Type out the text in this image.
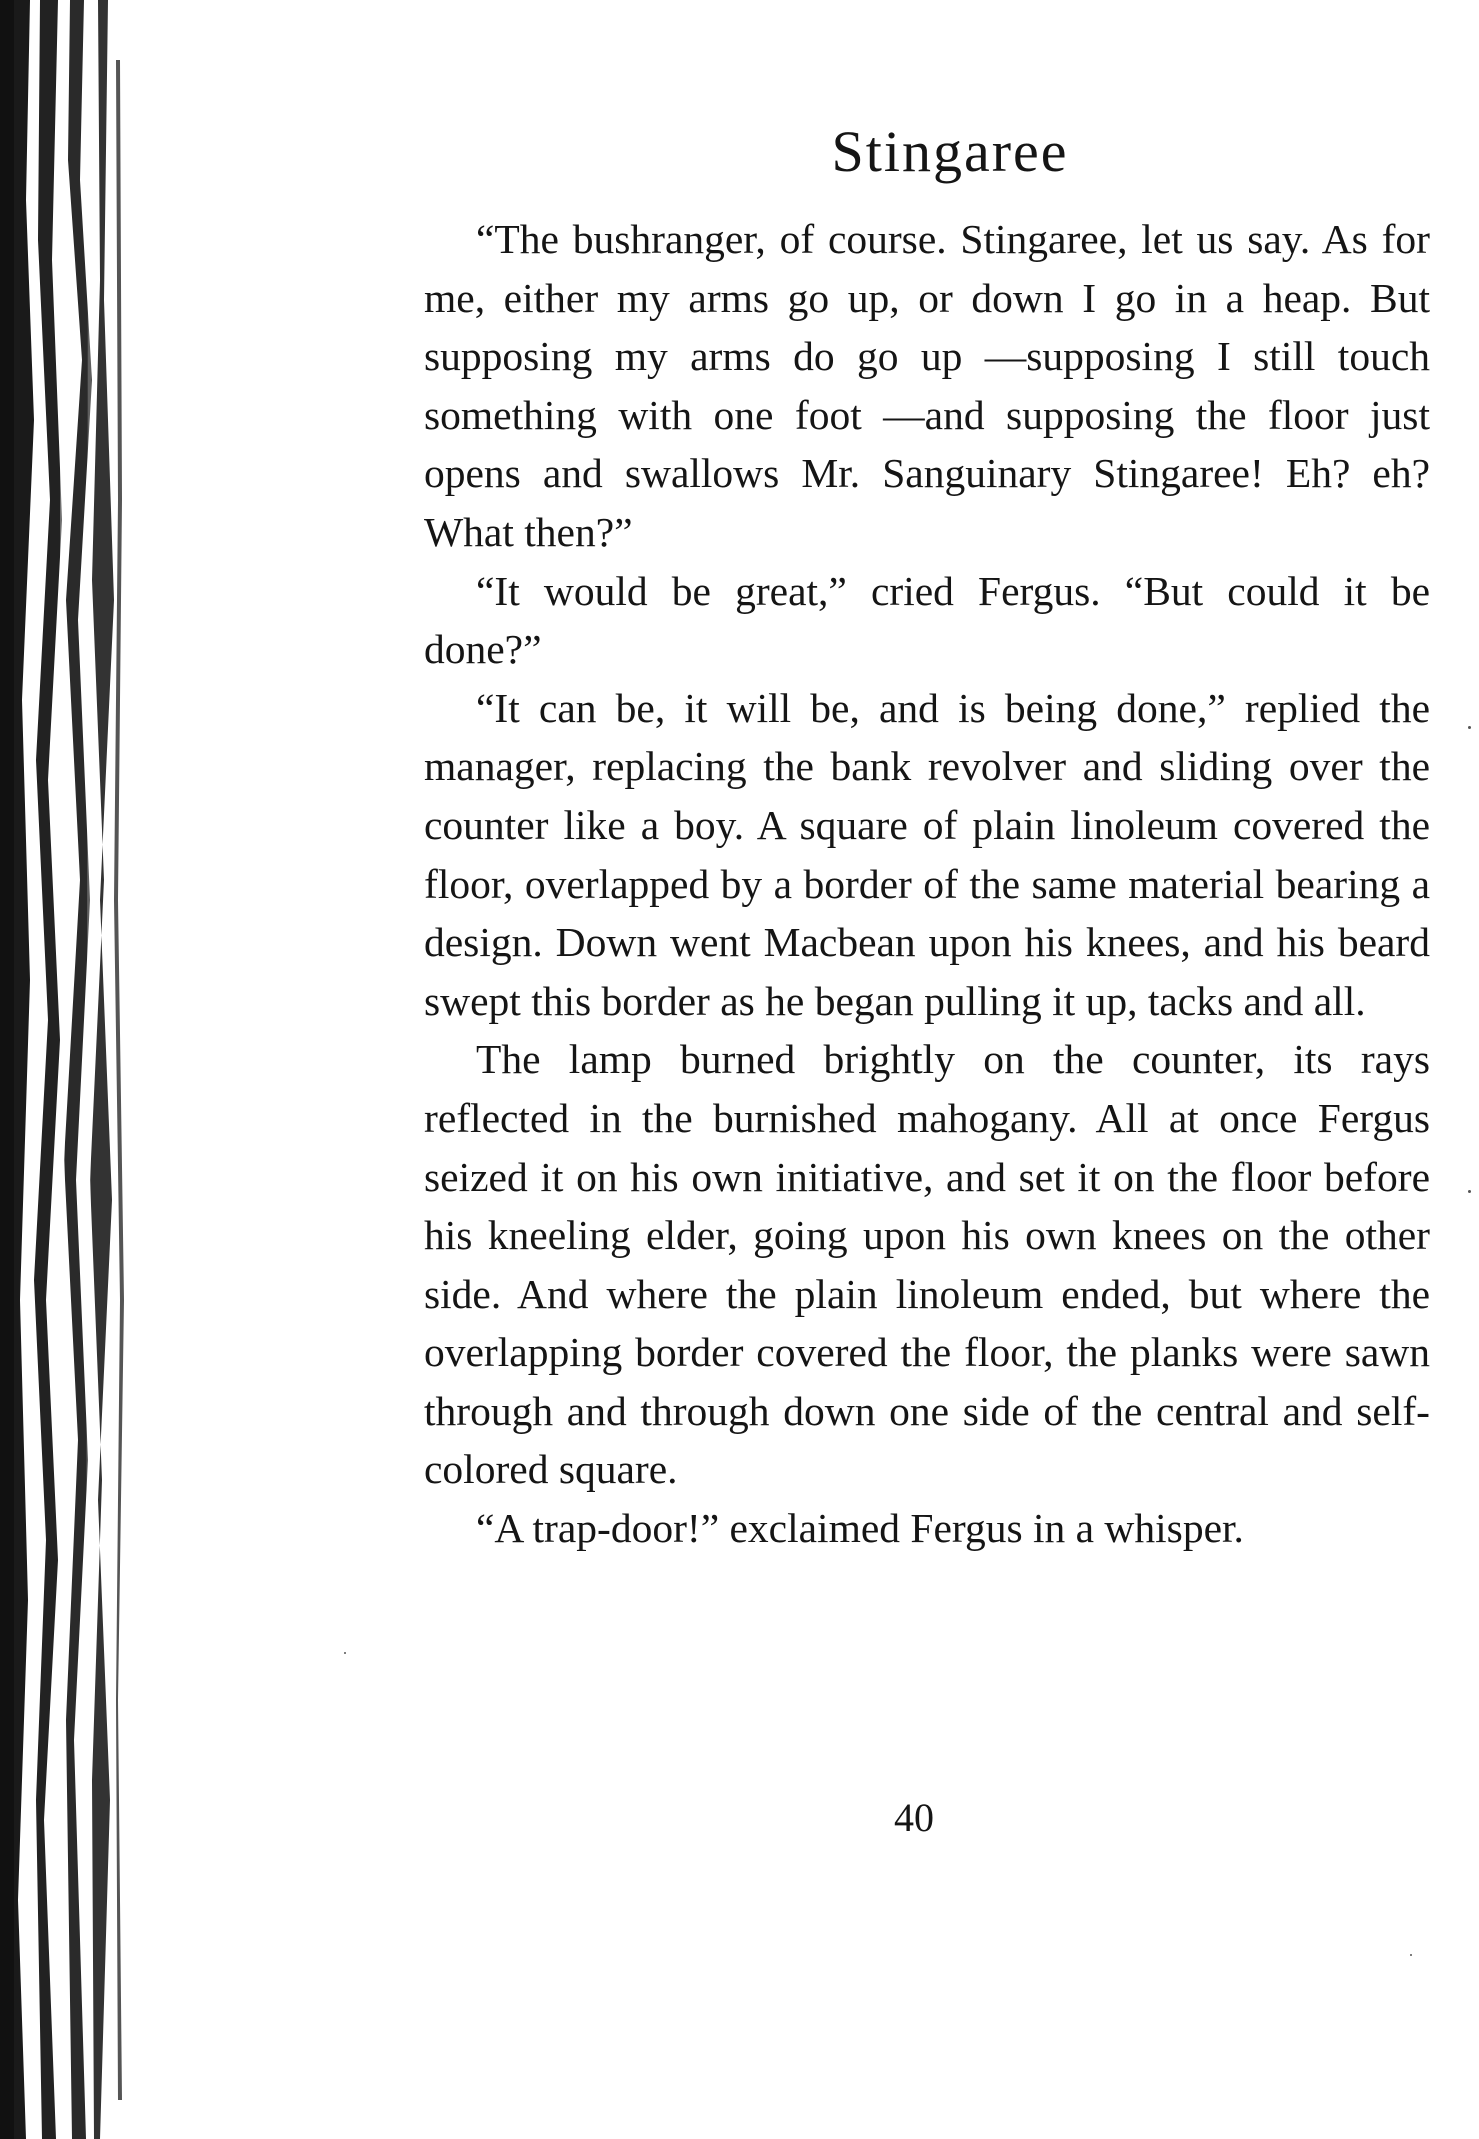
Stingaree

“The bushranger, of course. Stingaree, let us say. As for me, either my arms go up, or down I go in a heap. But supposing my arms do go up —supposing I still touch something with one foot —and supposing the floor just opens and swallows Mr. Sanguinary Stingaree! Eh? eh? What then?”

“It would be great,” cried Fergus. “But could it be done?”

“It can be, it will be, and is being done,” replied the manager, replacing the bank revolver and sliding over the counter like a boy. A square of plain linoleum covered the floor, overlapped by a border of the same material bearing a design. Down went Macbean upon his knees, and his beard swept this border as he began pulling it up, tacks and all.

The lamp burned brightly on the counter, its rays reflected in the burnished mahogany. All at once Fergus seized it on his own initiative, and set it on the floor before his kneeling elder, going upon his own knees on the other side. And where the plain linoleum ended, but where the overlapping border covered the floor, the planks were sawn through and through down one side of the central and self-colored square.

“A trap-door!” exclaimed Fergus in a whisper.

40
